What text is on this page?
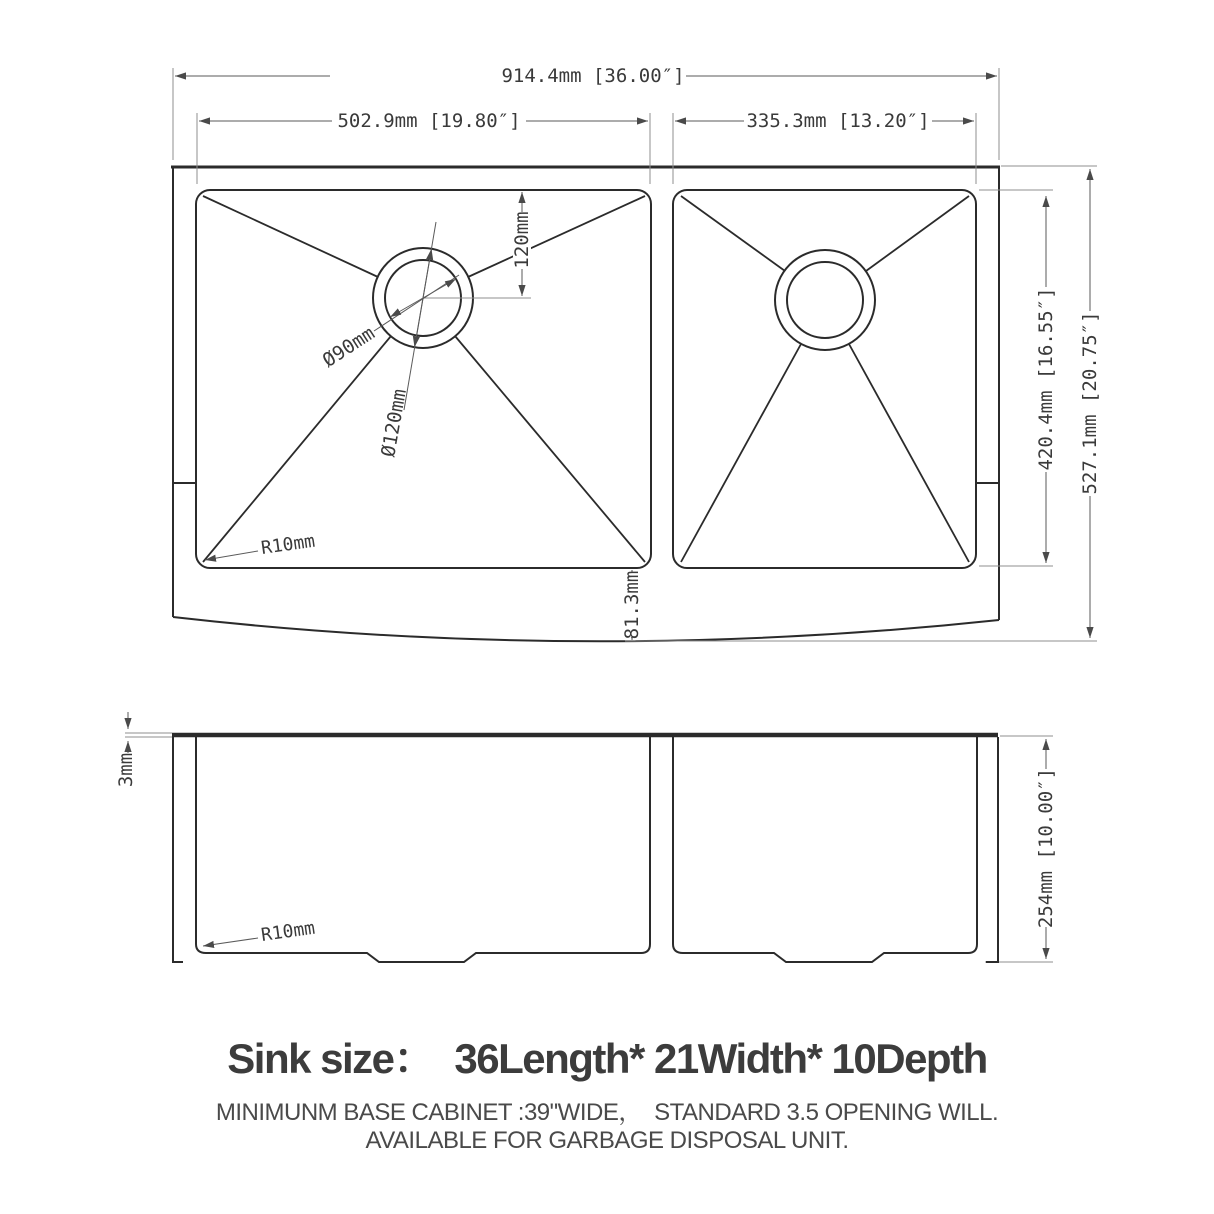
914.4mm [36.00″]
502.9mm [19.80″]	335.3mm [13.20″]
420.4mm [16.55″] 527.1mm [20.75″]
81.3mm
120mm
Ø90mm
Ø120mm
R10mm
R10mm
3mm	254mm [10.00″]
Sink size：  36Length* 21Width* 10Depth
MINIMUNM BASE CABINET :39"WIDE，  STANDARD 3.5 OPENING WILL.
AVAILABLE FOR GARBAGE DISPOSAL UNIT.
